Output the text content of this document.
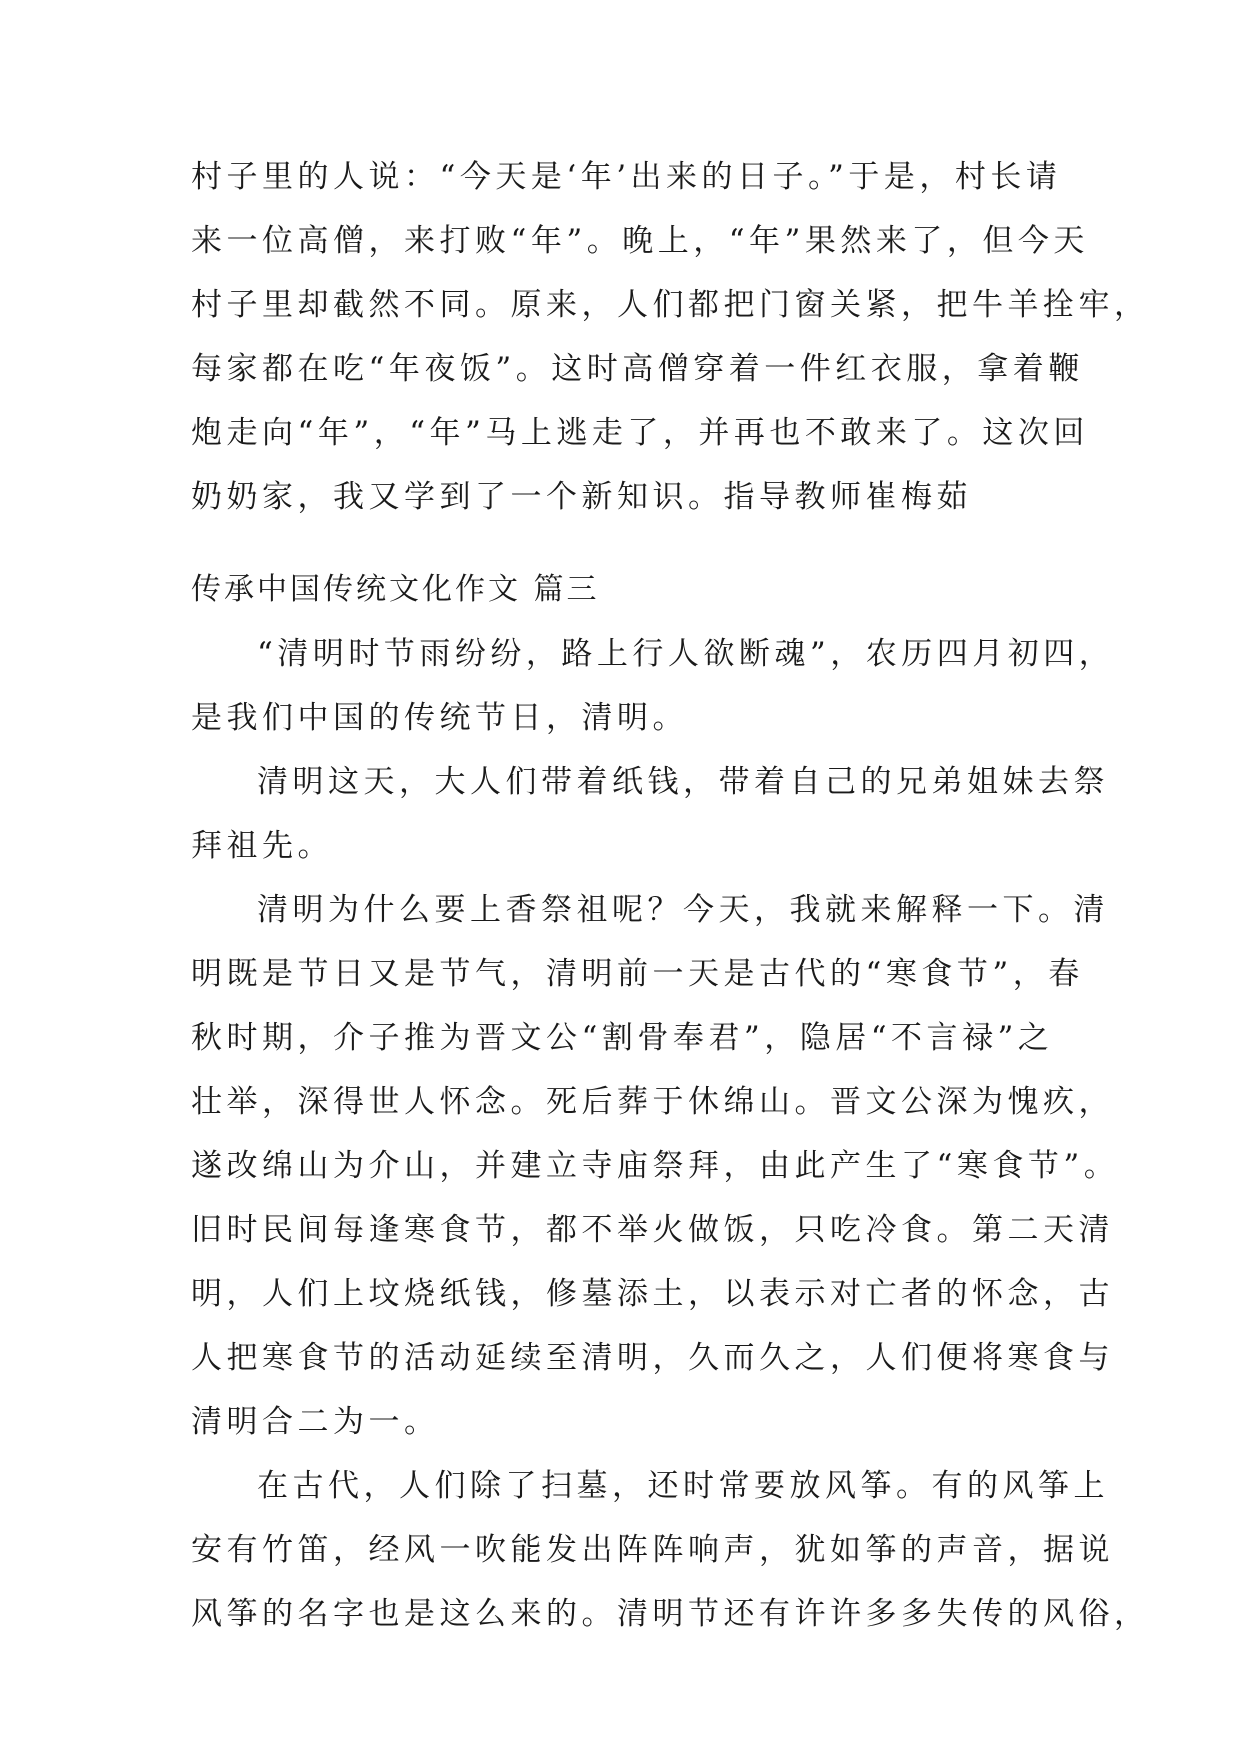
村子里的人说：“今天是‘年’出来的日子。”于是，村长请
来一位高僧，来打败“年”。晚上，“年”果然来了，但今天
村子里却截然不同。原来，人们都把门窗关紧，把牛羊拴牢，
每家都在吃“年夜饭”。这时高僧穿着一件红衣服，拿着鞭
炮走向“年”，“年”马上逃走了，并再也不敢来了。这次回
奶奶家，我又学到了一个新知识。指导教师崔梅茹
传承中国传统文化作文 篇三
“清明时节雨纷纷，路上行人欲断魂”，农历四月初四，
是我们中国的传统节日，清明。
清明这天，大人们带着纸钱，带着自己的兄弟姐妹去祭
拜祖先。
清明为什么要上香祭祖呢？今天，我就来解释一下。清
明既是节日又是节气，清明前一天是古代的“寒食节”，春
秋时期，介子推为晋文公“割骨奉君”，隐居“不言禄”之
壮举，深得世人怀念。死后葬于休绵山。晋文公深为愧疚，
遂改绵山为介山，并建立寺庙祭拜，由此产生了“寒食节”。
旧时民间每逢寒食节，都不举火做饭，只吃冷食。第二天清
明，人们上坟烧纸钱，修墓添土，以表示对亡者的怀念，古
人把寒食节的活动延续至清明，久而久之，人们便将寒食与
清明合二为一。
在古代，人们除了扫墓，还时常要放风筝。有的风筝上
安有竹笛，经风一吹能发出阵阵响声，犹如筝的声音，据说
风筝的名字也是这么来的。清明节还有许许多多失传的风俗，
